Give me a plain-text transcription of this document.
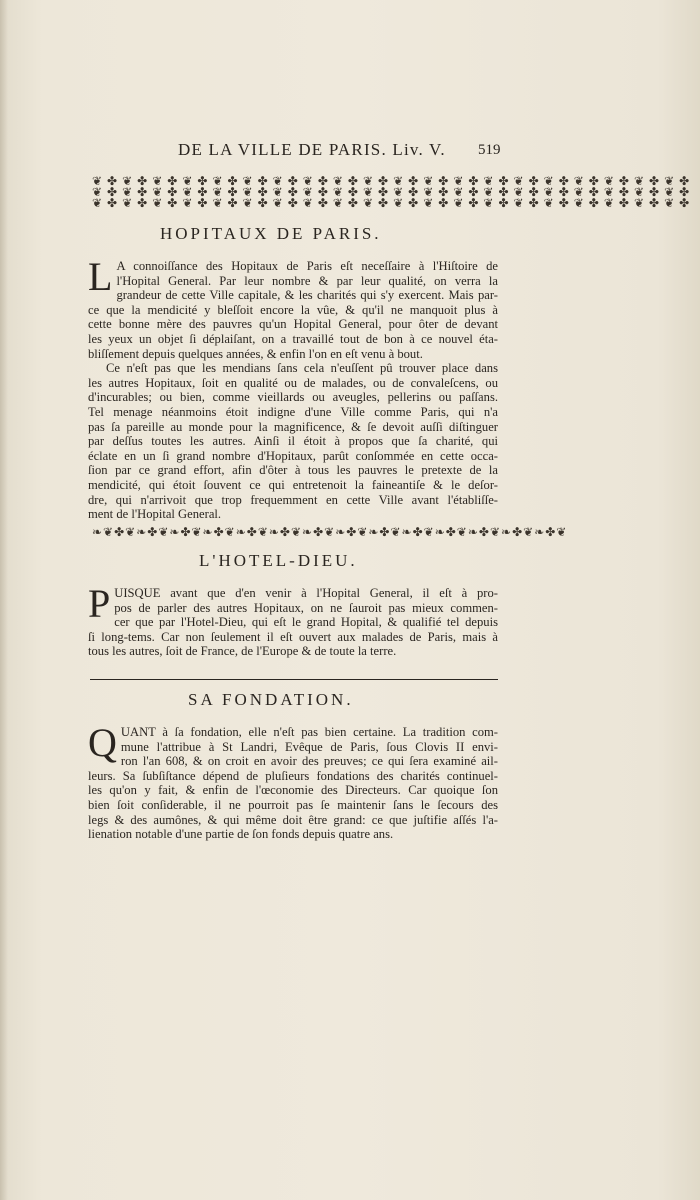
DE LA VILLE DE PARIS. Liv. V. 519
❦ ✤ ❦ ✤ ❦ ✤ ❦ ✤ ❦ ✤ ❦ ✤ ❦ ✤ ❦ ✤ ❦ ✤ ❦ ✤ ❦ ✤ ❦ ✤ ❦ ✤ ❦ ✤ ❦ ✤ ❦ ✤ ❦ ✤ ❦ ✤ ❦ ✤ ❦ ✤
❦ ✤ ❦ ✤ ❦ ✤ ❦ ✤ ❦ ✤ ❦ ✤ ❦ ✤ ❦ ✤ ❦ ✤ ❦ ✤ ❦ ✤ ❦ ✤ ❦ ✤ ❦ ✤ ❦ ✤ ❦ ✤ ❦ ✤ ❦ ✤ ❦ ✤ ❦ ✤
❦ ✤ ❦ ✤ ❦ ✤ ❦ ✤ ❦ ✤ ❦ ✤ ❦ ✤ ❦ ✤ ❦ ✤ ❦ ✤ ❦ ✤ ❦ ✤ ❦ ✤ ❦ ✤ ❦ ✤ ❦ ✤ ❦ ✤ ❦ ✤ ❦ ✤ ❦ ✤
HOPITAUX DE PARIS.
L A connoiſſance des Hopitaux de Paris eſt neceſſaire à l'Hiſtoire de
l'Hopital General. Par leur nombre & par leur qualité, on verra la
grandeur de cette Ville capitale, & les charités qui s'y exercent. Mais par-
ce que la mendicité y bleſſoit encore la vûe, & qu'il ne manquoit plus à
cette bonne mère des pauvres qu'un Hopital General, pour ôter de devant
les yeux un objet ſi déplaiſant, on a travaillé tout de bon à ce nouvel éta-
bliſſement depuis quelques années, & enfin l'on en eſt venu à bout.
Ce n'eſt pas que les mendians ſans cela n'euſſent pû trouver place dans
les autres Hopitaux, ſoit en qualité ou de malades, ou de convaleſcens, ou
d'incurables; ou bien, comme vieillards ou aveugles, pellerins ou paſſans.
Tel menage néanmoins étoit indigne d'une Ville comme Paris, qui n'a
pas ſa pareille au monde pour la magnificence, & ſe devoit auſſi diſtinguer
par deſſus toutes les autres. Ainſi il étoit à propos que ſa charité, qui
éclate en un ſi grand nombre d'Hopitaux, parût conſommée en cette occa-
ſion par ce grand effort, afin d'ôter à tous les pauvres le pretexte de la
mendicité, qui étoit ſouvent ce qui entretenoit la faineantiſe & le deſor-
dre, qui n'arrivoit que trop frequemment en cette Ville avant l'établiſſe-
ment de l'Hopital General.
❧❦✤❦❧✤❦❧✤❦❧✤❦❧✤❦❧✤❦❧✤❦❧✤❦❧✤❦❧✤❦❧✤❦❧✤❦❧✤❦❧✤❦
L'HOTEL-DIEU.
P UISQUE avant que d'en venir à l'Hopital General, il eſt à pro-
pos de parler des autres Hopitaux, on ne ſauroit pas mieux commen-
cer que par l'Hotel-Dieu, qui eſt le grand Hopital, & qualifié tel depuis
ſi long-tems. Car non ſeulement il eſt ouvert aux malades de Paris, mais à
tous les autres, ſoit de France, de l'Europe & de toute la terre.
SA FONDATION.
Q UANT à ſa fondation, elle n'eſt pas bien certaine. La tradition com-
mune l'attribue à St Landri, Evêque de Paris, ſous Clovis II envi-
ron l'an 608, & on croit en avoir des preuves; ce qui ſera examiné ail-
leurs. Sa ſubſiſtance dépend de pluſieurs fondations des charités continuel-
les qu'on y fait, & enfin de l'œconomie des Directeurs. Car quoique ſon
bien ſoit conſiderable, il ne pourroit pas ſe maintenir ſans le ſecours des
legs & des aumônes, & qui même doit être grand: ce que juſtifie aſſés l'a-
lienation notable d'une partie de ſon fonds depuis quatre ans.
